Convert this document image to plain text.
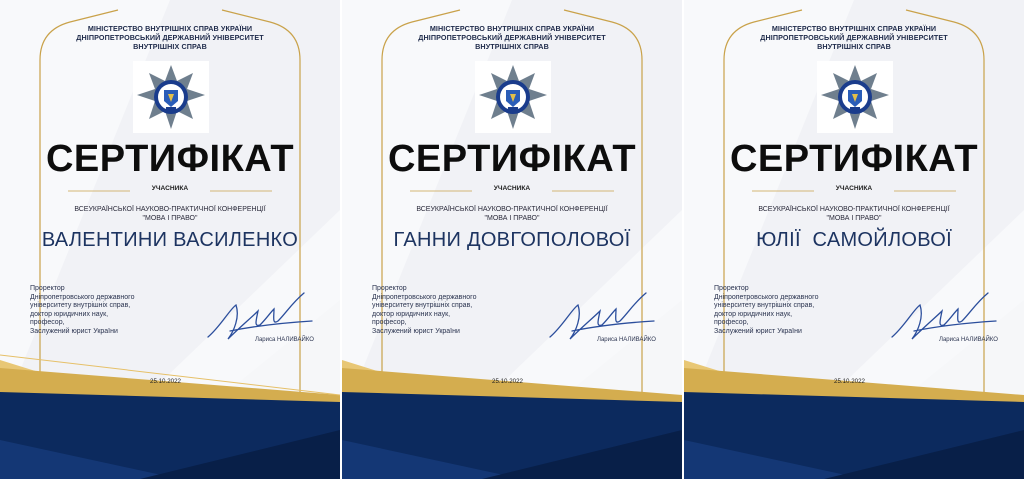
МІНІСТЕРСТВО ВНУТРІШНІХ СПРАВ УКРАЇНИ
ДНІПРОПЕТРОВСЬКИЙ ДЕРЖАВНИЙ УНІВЕРСИТЕТ
ВНУТРІШНІХ СПРАВ
СЕРТИФІКАТ
УЧАСНИКА
ВСЕУКРАЇНСЬКОЇ НАУКОВО-ПРАКТИЧНОЇ КОНФЕРЕНЦІЇ
"МОВА І ПРАВО"
ВАЛЕНТИНИ ВАСИЛЕНКО
Проректор
Дніпропетровського державного
університету внутрішніх справ,
доктор юридичних наук,
професор,
Заслужений юрист України
Лариса НАЛИВАЙКО
25.10.2022
МІНІСТЕРСТВО ВНУТРІШНІХ СПРАВ УКРАЇНИ
ДНІПРОПЕТРОВСЬКИЙ ДЕРЖАВНИЙ УНІВЕРСИТЕТ
ВНУТРІШНІХ СПРАВ
СЕРТИФІКАТ
УЧАСНИКА
ВСЕУКРАЇНСЬКОЇ НАУКОВО-ПРАКТИЧНОЇ КОНФЕРЕНЦІЇ
"МОВА І ПРАВО"
ГАННИ ДОВГОПОЛОВОЇ
Проректор
Дніпропетровського державного
університету внутрішніх справ,
доктор юридичних наук,
професор,
Заслужений юрист України
Лариса НАЛИВАЙКО
25.10.2022
МІНІСТЕРСТВО ВНУТРІШНІХ СПРАВ УКРАЇНИ
ДНІПРОПЕТРОВСЬКИЙ ДЕРЖАВНИЙ УНІВЕРСИТЕТ
ВНУТРІШНІХ СПРАВ
СЕРТИФІКАТ
УЧАСНИКА
ВСЕУКРАЇНСЬКОЇ НАУКОВО-ПРАКТИЧНОЇ КОНФЕРЕНЦІЇ
"МОВА І ПРАВО"
ЮЛІЇ  САМОЙЛОВОЇ
Проректор
Дніпропетровського державного
університету внутрішніх справ,
доктор юридичних наук,
професор,
Заслужений юрист України
Лариса НАЛИВАЙКО
25.10.2022
